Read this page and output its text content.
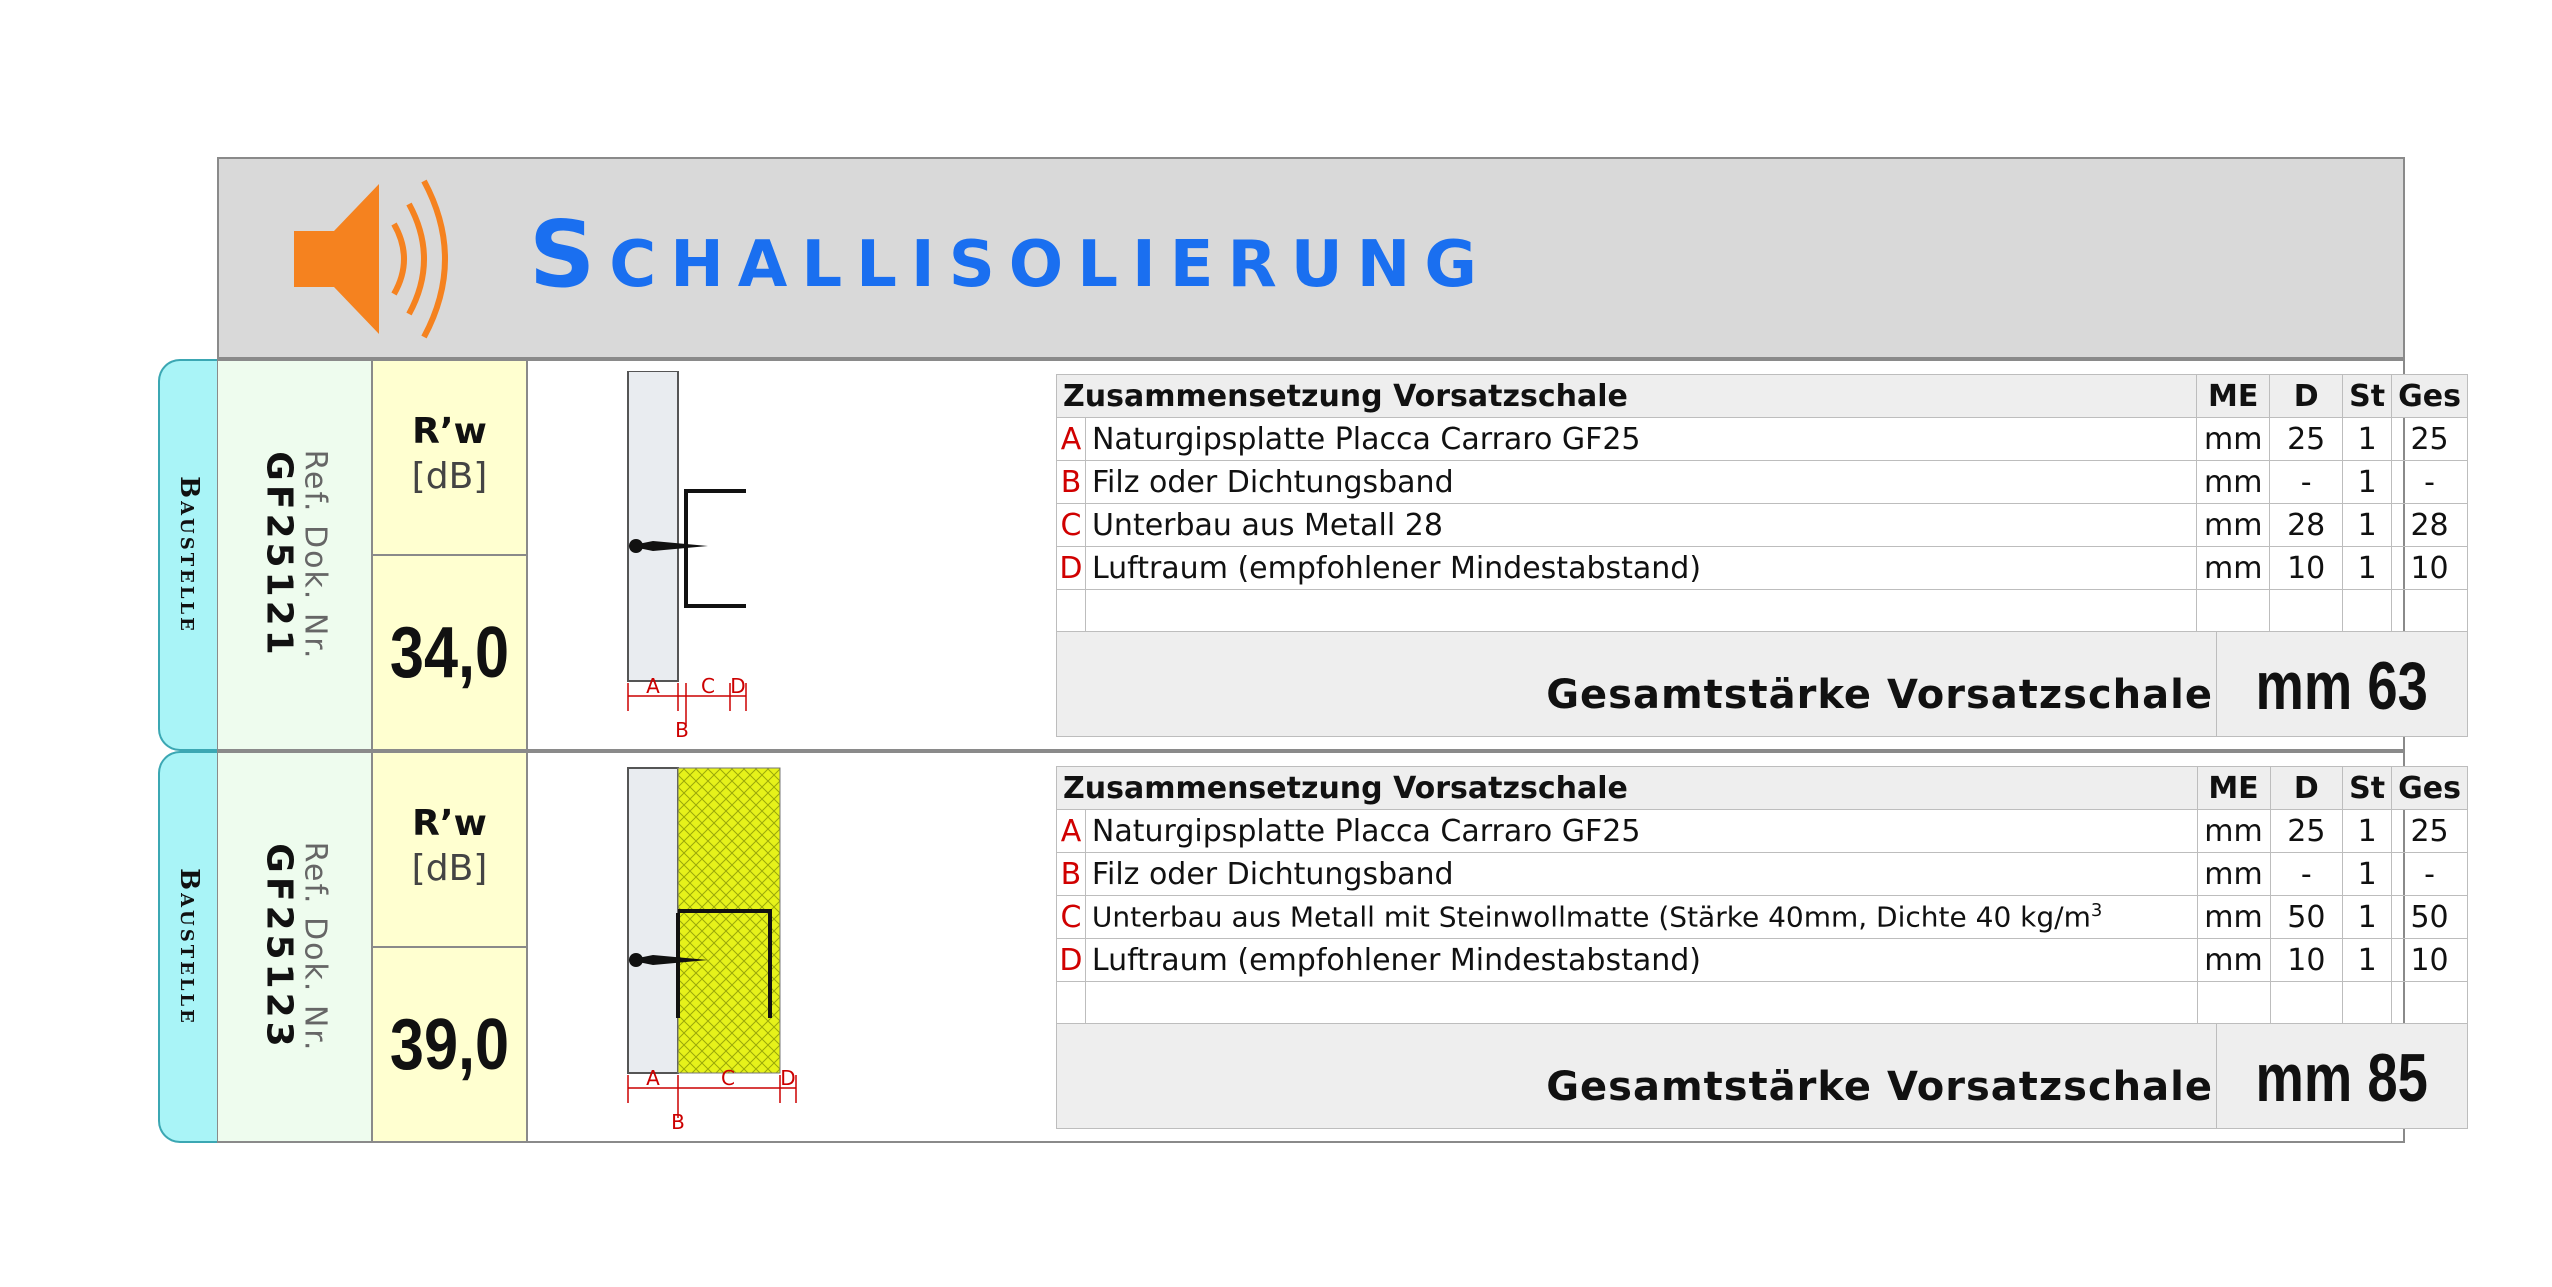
Schallisolierung
Baustelle	Ref. Dok. Nr.
GF25121
R’w
[dB]
34,0	A
B
C D
Zusammensetzung Vorsatzschale		ME	D	St	Ges
A	Naturgipsplatte Placca Carraro GF25	mm	25	1	25
B	Filz oder Dichtungsband	mm	-	1	-
C	Unterbau aus Metall 28	mm	28	1	28
D	Luftraum (empfohlener Mindestabstand)	mm	10	1	10

Gesamtstärke Vorsatzschale mm 63
Baustelle	Ref. Dok. Nr.
GF25123
R’w
[dB]
39,0	A
B
C D
Zusammensetzung Vorsatzschale		ME	D	St	Ges
A	Naturgipsplatte Placca Carraro GF25	mm	25	1	25
B	Filz oder Dichtungsband	mm	-	1	-
C	Unterbau aus Metall mit Steinwollmatte (Stärke 40mm, Dichte 40 $kg/m^3$	mm	50	1	50
D	Luftraum (empfohlener Mindestabstand)	mm	10	1	10

Gesamtstärke Vorsatzschale mm 85
